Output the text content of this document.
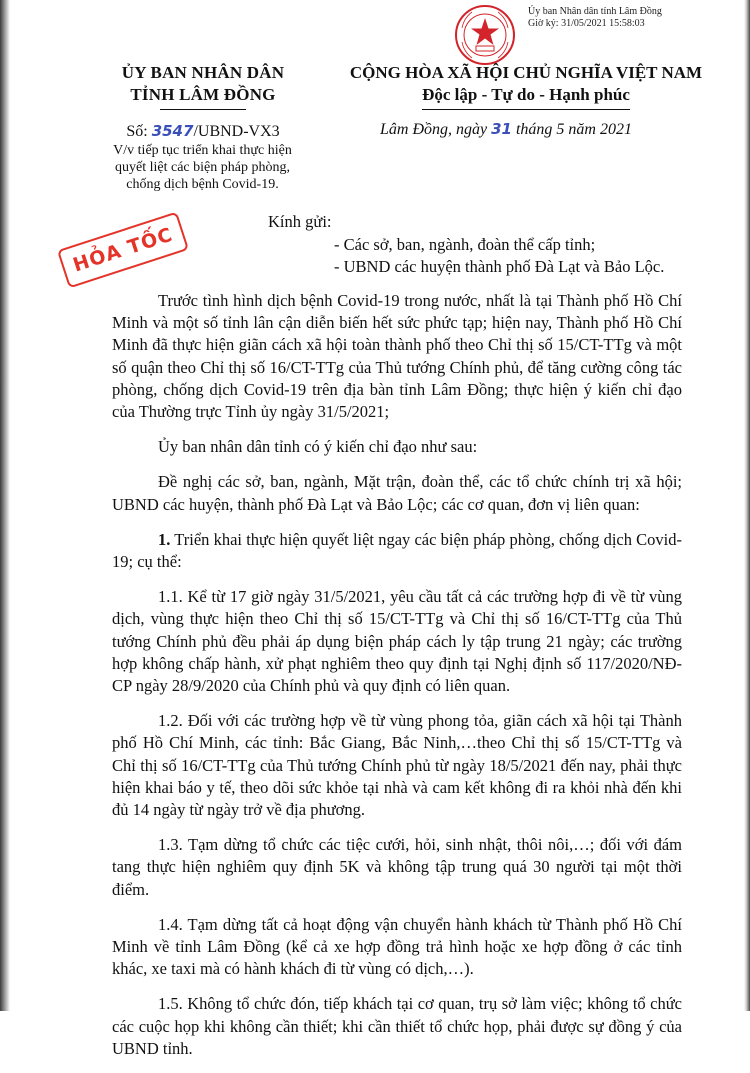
Ủy ban Nhân dân tỉnh Lâm Đồng
Giờ ký: 31/05/2021 15:58:03
ỦY BAN NHÂN DÂN
TỈNH LÂM ĐỒNG
CỘNG HÒA XÃ HỘI CHỦ NGHĨA VIỆT NAM
Độc lập - Tự do - Hạnh phúc
Số: 3547/UBND-VX3
V/v tiếp tục triển khai thực hiện
quyết liệt các biện pháp phòng,
chống dịch bệnh Covid-19.
Lâm Đồng, ngày 31 tháng 5 năm 2021
HỎA TỐC
Kính gửi:
- Các sở, ban, ngành, đoàn thể cấp tỉnh;
- UBND các huyện thành phố Đà Lạt và Bảo Lộc.

Trước tình hình dịch bệnh Covid-19 trong nước, nhất là tại Thành phố Hồ Chí Minh và một số tỉnh lân cận diễn biến hết sức phức tạp; hiện nay, Thành phố Hồ Chí Minh đã thực hiện giãn cách xã hội toàn thành phố theo Chỉ thị số 15/CT-TTg và một số quận theo Chỉ thị số 16/CT-TTg của Thủ tướng Chính phủ, để tăng cường công tác phòng, chống dịch Covid-19 trên địa bàn tỉnh Lâm Đồng; thực hiện ý kiến chỉ đạo của Thường trực Tỉnh ủy ngày 31/5/2021;

Ủy ban nhân dân tỉnh có ý kiến chỉ đạo như sau:

Đề nghị các sở, ban, ngành, Mặt trận, đoàn thể, các tổ chức chính trị xã hội; UBND các huyện, thành phố Đà Lạt và Bảo Lộc; các cơ quan, đơn vị liên quan:

1. Triển khai thực hiện quyết liệt ngay các biện pháp phòng, chống dịch Covid-19; cụ thể:

1.1. Kể từ 17 giờ ngày 31/5/2021, yêu cầu tất cả các trường hợp đi về từ vùng dịch, vùng thực hiện theo Chỉ thị số 15/CT-TTg và Chỉ thị số 16/CT-TTg của Thủ tướng Chính phủ đều phải áp dụng biện pháp cách ly tập trung 21 ngày; các trường hợp không chấp hành, xử phạt nghiêm theo quy định tại Nghị định số 117/2020/NĐ-CP ngày 28/9/2020 của Chính phủ và quy định có liên quan.

1.2. Đối với các trường hợp về từ vùng phong tỏa, giãn cách xã hội tại Thành phố Hồ Chí Minh, các tỉnh: Bắc Giang, Bắc Ninh,…theo Chỉ thị số 15/CT-TTg và Chỉ thị số 16/CT-TTg của Thủ tướng Chính phủ từ ngày 18/5/2021 đến nay, phải thực hiện khai báo y tế, theo dõi sức khỏe tại nhà và cam kết không đi ra khỏi nhà đến khi đủ 14 ngày từ ngày trở về địa phương.

1.3. Tạm dừng tổ chức các tiệc cưới, hỏi, sinh nhật, thôi nôi,…; đối với đám tang thực hiện nghiêm quy định 5K và không tập trung quá 30 người tại một thời điểm.

1.4. Tạm dừng tất cả hoạt động vận chuyển hành khách từ Thành phố Hồ Chí Minh về tỉnh Lâm Đồng (kể cả xe hợp đồng trả hình hoặc xe hợp đồng ở các tỉnh khác, xe taxi mà có hành khách đi từ vùng có dịch,…).

1.5. Không tổ chức đón, tiếp khách tại cơ quan, trụ sở làm việc; không tổ chức các cuộc họp khi không cần thiết; khi cần thiết tổ chức họp, phải được sự đồng ý của UBND tỉnh.
